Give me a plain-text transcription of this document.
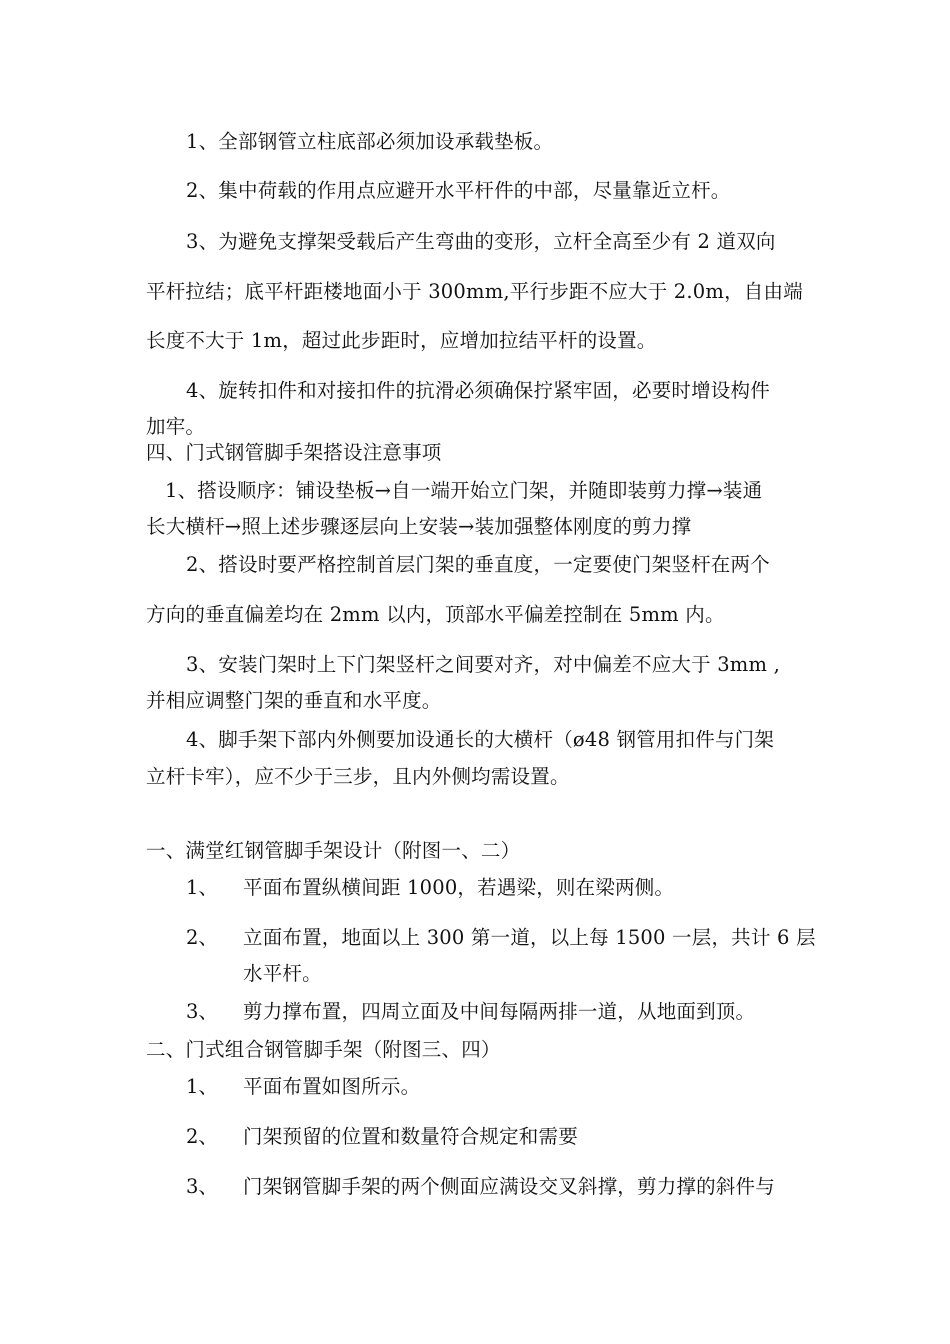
1、全部钢管立柱底部必须加设承载垫板。
2、集中荷载的作用点应避开水平杆件的中部，尽量靠近立杆。
3、为避免支撑架受载后产生弯曲的变形，立杆全高至少有 2 道双向
平杆拉结；底平杆距楼地面小于 300mm,平行步距不应大于 2.0m，自由端
长度不大于 1m，超过此步距时，应增加拉结平杆的设置。
4、旋转扣件和对接扣件的抗滑必须确保拧紧牢固，必要时增设构件
加牢。
四、门式钢管脚手架搭设注意事项
1、搭设顺序：铺设垫板→自一端开始立门架，并随即装剪力撑→装通
长大横杆→照上述步骤逐层向上安装→装加强整体刚度的剪力撑
2、搭设时要严格控制首层门架的垂直度，一定要使门架竖杆在两个
方向的垂直偏差均在 2mm 以内，顶部水平偏差控制在 5mm 内。
3、安装门架时上下门架竖杆之间要对齐，对中偏差不应大于 3mm ,
并相应调整门架的垂直和水平度。
4、脚手架下部内外侧要加设通长的大横杆（ø48 钢管用扣件与门架
立杆卡牢），应不少于三步，且内外侧均需设置。
一、满堂红钢管脚手架设计（附图一、二）
1、 平面布置纵横间距 1000，若遇梁，则在梁两侧。
2、 立面布置，地面以上 300 第一道，以上每 1500 一层，共计 6 层
水平杆。
3、 剪力撑布置，四周立面及中间每隔两排一道，从地面到顶。
二、门式组合钢管脚手架（附图三、四）
1、 平面布置如图所示。
2、 门架预留的位置和数量符合规定和需要
3、 门架钢管脚手架的两个侧面应满设交叉斜撑，剪力撑的斜件与
